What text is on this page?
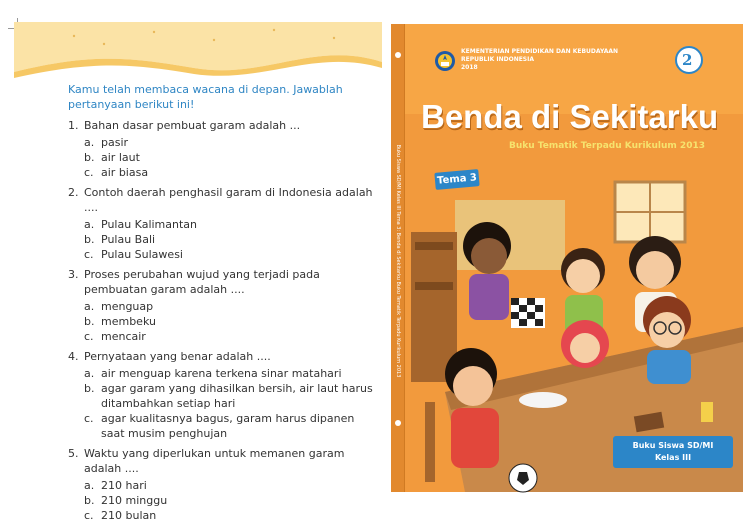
Kamu telah membaca wacana di depan. Jawablah pertanyaan berikut ini!
1. Bahan dasar pembuat garam adalah ...
a. pasir
b. air laut
c. air biasa
2. Contoh daerah penghasil garam di Indonesia adalah ....
a. Pulau Kalimantan
b. Pulau Bali
c. Pulau Sulawesi
3. Proses perubahan wujud yang terjadi pada pembuatan garam adalah ....
a. menguap
b. membeku
c. mencair
4. Pernyataan yang benar adalah ....
a. air menguap karena terkena sinar matahari
b. agar garam yang dihasilkan bersih, air laut harus ditambahkan setiap hari
c. agar kualitasnya bagus, garam harus dipanen saat musim penghujan
5. Waktu yang diperlukan untuk memanen garam adalah ....
a. 210 hari
b. 210 minggu
c. 210 bulan
Buku Siswa SD/MI Kelas III Tema 3: Benda di Sekitarku Buku Tematik Terpadu Kurikulum 2013
KEMENTERIAN PENDIDIKAN DAN KEBUDAYAAN
REPUBLIK INDONESIA
2018	2
Benda di Sekitarku
Buku Tematik Terpadu Kurikulum 2013
Tema 3
Buku Siswa SD/MI
Kelas III
